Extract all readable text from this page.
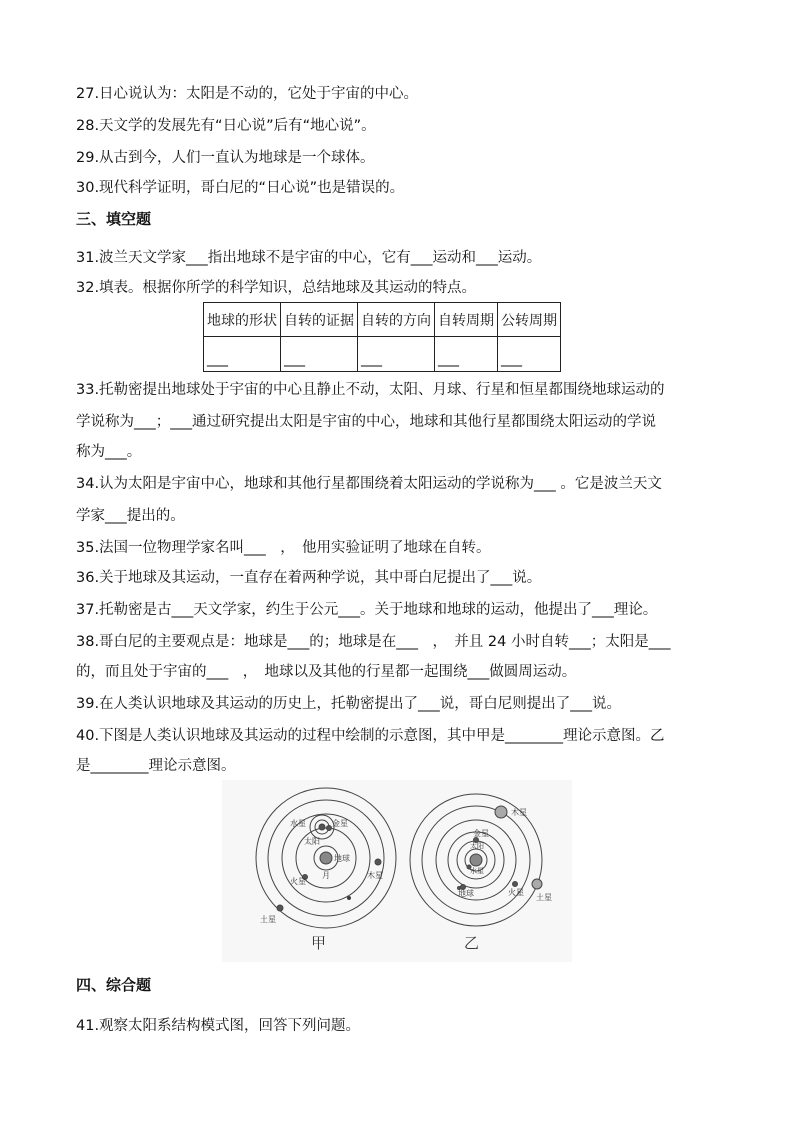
27.日心说认为：太阳是不动的，它处于宇宙的中心。
28.天文学的发展先有“日心说”后有“地心说”。
29.从古到今，人们一直认为地球是一个球体。
30.现代科学证明，哥白尼的“日心说”也是错误的。
三、填空题
31.波兰天文学家___指出地球不是宇宙的中心，它有___运动和___运动。
32.填表。根据你所学的科学知识，总结地球及其运动的特点。
地球的形状	自转的证据	自转的方向	自转周期	公转周期
___	___	___	___	___
33.托勒密提出地球处于宇宙的中心且静止不动，太阳、月球、行星和恒星都围绕地球运动的
学说称为___；___通过研究提出太阳是宇宙的中心，地球和其他行星都围绕太阳运动的学说
称为___。
34.认为太阳是宇宙中心，地球和其他行星都围绕着太阳运动的学说称为___ 。它是波兰天文
学家___提出的。
35.法国一位物理学家名叫___　，　他用实验证明了地球在自转。
36.关于地球及其运动，一直存在着两种学说，其中哥白尼提出了___说。
37.托勒密是古___天文学家，约生于公元___。关于地球和地球的运动，他提出了___理论。
38.哥白尼的主要观点是：地球是___的；地球是在___　，　并且 24 小时自转___；太阳是___
的，而且处于宇宙的___　，　地球以及其他的行星都一起围绕___做圆周运动。
39.在人类认识地球及其运动的历史上，托勒密提出了___说，哥白尼则提出了___说。
40.下图是人类认识地球及其运动的过程中绘制的示意图，其中甲是________理论示意图。乙
是________理论示意图。
水星	金星
太阳
地球
月
火星
木星
土星
木星
金星
太阳
水星
地球	火星
土星
甲	乙
四、综合题
41.观察太阳系结构模式图，回答下列问题。
